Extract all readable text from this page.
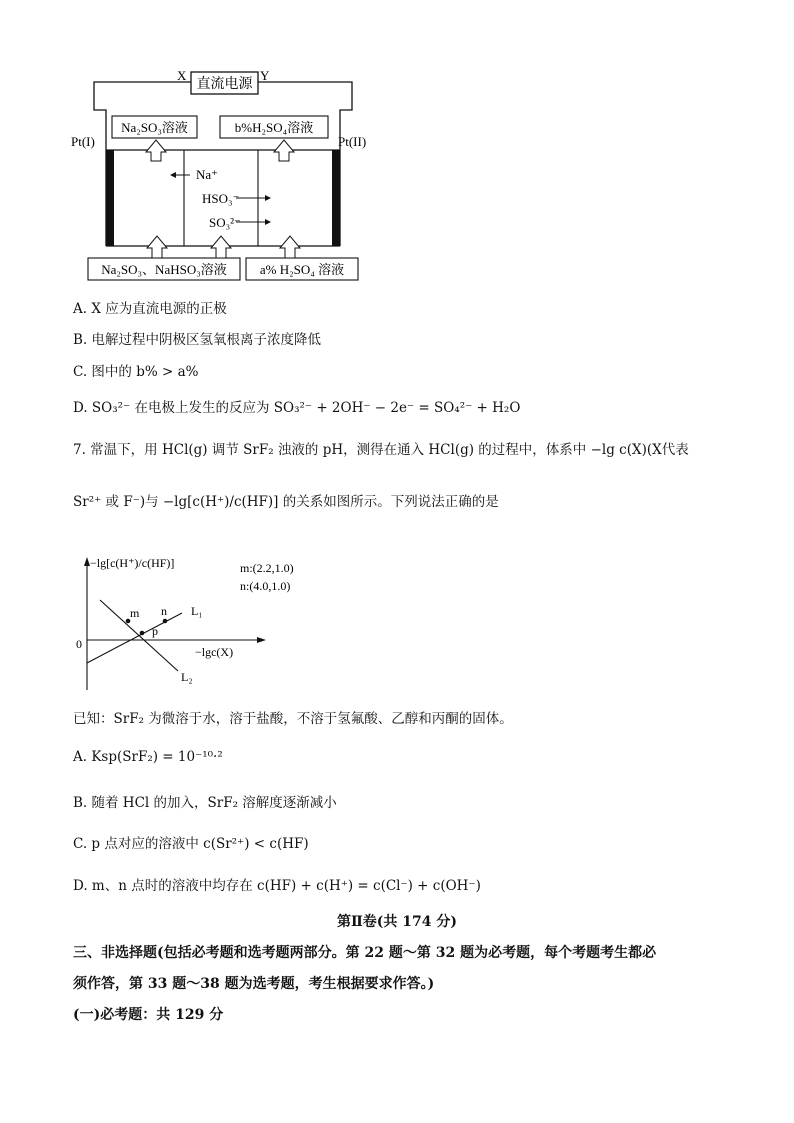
直流电源
X	Y
Pt(I)	Pt(II)
Na₂SO₃溶液	b%H₂SO₄溶液
Na₂SO₃、NaHSO₃溶液	a% H₂SO₄ 溶液
Na⁺
HSO₃⁻
SO₃²⁻
A. X 应为直流电源的正极
B. 电解过程中阴极区氢氧根离子浓度降低
C. 图中的 b% > a%
D. SO₃²⁻ 在电极上发生的反应为 SO₃²⁻ + 2OH⁻ − 2e⁻ = SO₄²⁻ + H₂O
7. 常温下，用 HCl(g) 调节 SrF₂ 浊液的 pH，测得在通入 HCl(g) 的过程中，体系中 −lg c(X)(X代表
Sr²⁺ 或 F⁻)与 −lg[c(H⁺)/c(HF)] 的关系如图所示。下列说法正确的是
−lg[c(H⁺)/c(HF)]
−lgc(X)
0
L₁
L₂
m n
p
m:(2.2,1.0)
n:(4.0,1.0)
已知：SrF₂ 为微溶于水，溶于盐酸，不溶于氢氟酸、乙醇和丙酮的固体。
A. Ksp(SrF₂) = 10⁻¹⁰·²
B. 随着 HCl 的加入，SrF₂ 溶解度逐渐减小
C. p 点对应的溶液中 c(Sr²⁺) < c(HF)
D. m、n 点时的溶液中均存在 c(HF) + c(H⁺) = c(Cl⁻) + c(OH⁻)
第Ⅱ卷(共 174 分)
三、非选择题(包括必考题和选考题两部分。第 22 题～第 32 题为必考题，每个考题考生都必
须作答，第 33 题～38 题为选考题，考生根据要求作答。)
(一)必考题：共 129 分
